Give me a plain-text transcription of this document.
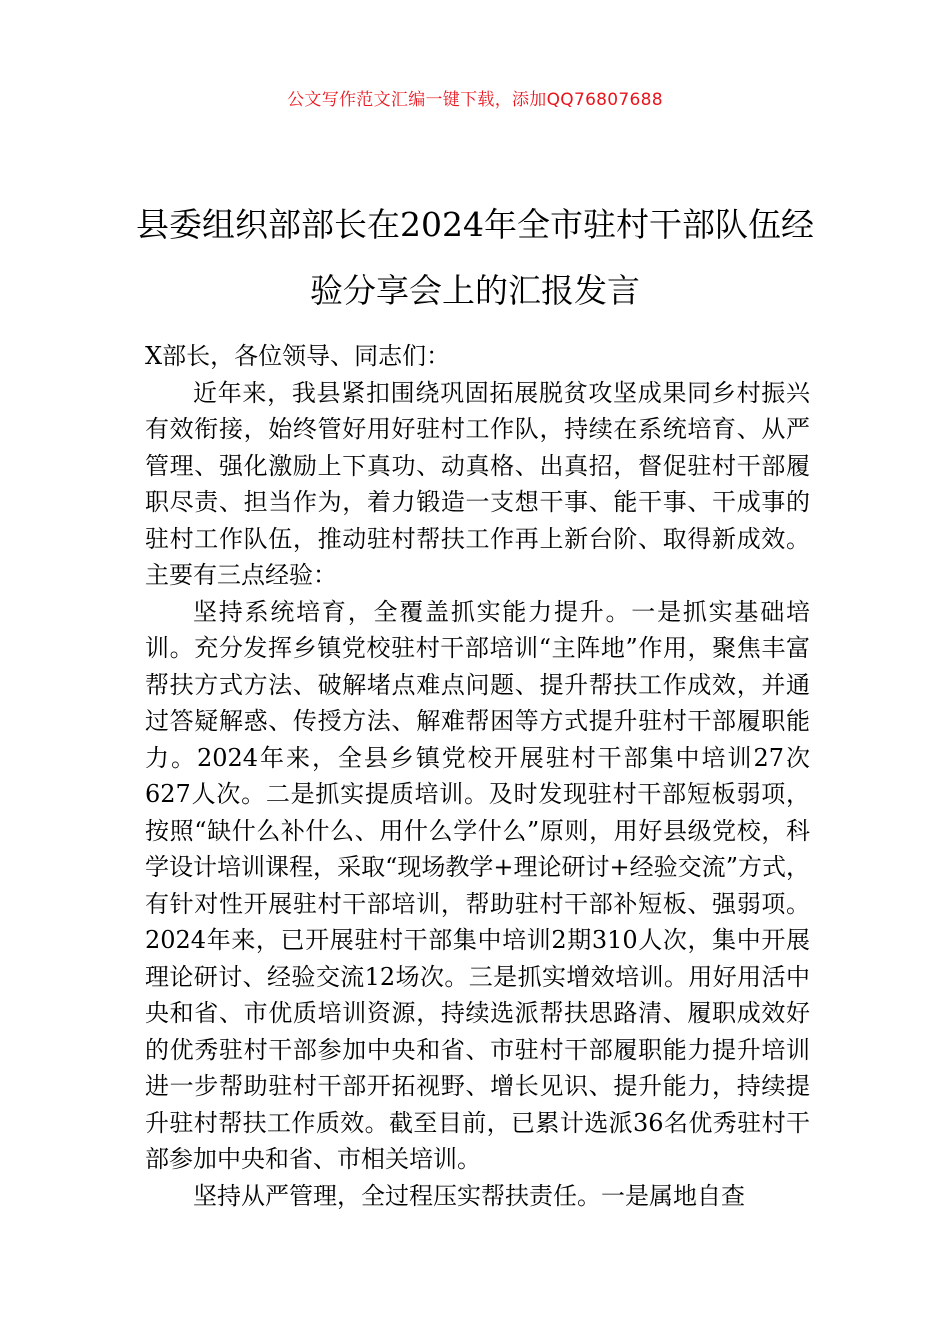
公文写作范文汇编一键下载，添加QQ76807688
县委组织部部长在2024年全市驻村干部队伍经验分享会上的汇报发言

X部长，各位领导、同志们：

近年来，我县紧扣围绕巩固拓展脱贫攻坚成果同乡村振兴有效衔接，始终管好用好驻村工作队，持续在系统培育、从严管理、强化激励上下真功、动真格、出真招，督促驻村干部履职尽责、担当作为，着力锻造一支想干事、能干事、干成事的驻村工作队伍，推动驻村帮扶工作再上新台阶、取得新成效。主要有三点经验：

坚持系统培育，全覆盖抓实能力提升。一是抓实基础培训。充分发挥乡镇党校驻村干部培训“主阵地”作用，聚焦丰富帮扶方式方法、破解堵点难点问题、提升帮扶工作成效，并通过答疑解惑、传授方法、解难帮困等方式提升驻村干部履职能力。2024年来，全县乡镇党校开展驻村干部集中培训27次627人次。二是抓实提质培训。及时发现驻村干部短板弱项，按照“缺什么补什么、用什么学什么”原则，用好县级党校，科学设计培训课程，采取“现场教学+理论研讨+经验交流”方式，有针对性开展驻村干部培训，帮助驻村干部补短板、强弱项。2024年来，已开展驻村干部集中培训2期310人次，集中开展理论研讨、经验交流12场次。三是抓实增效培训。用好用活中央和省、市优质培训资源，持续选派帮扶思路清、履职成效好的优秀驻村干部参加中央和省、市驻村干部履职能力提升培训进一步帮助驻村干部开拓视野、增长见识、提升能力，持续提升驻村帮扶工作质效。截至目前，已累计选派36名优秀驻村干部参加中央和省、市相关培训。

坚持从严管理，全过程压实帮扶责任。一是属地自查
